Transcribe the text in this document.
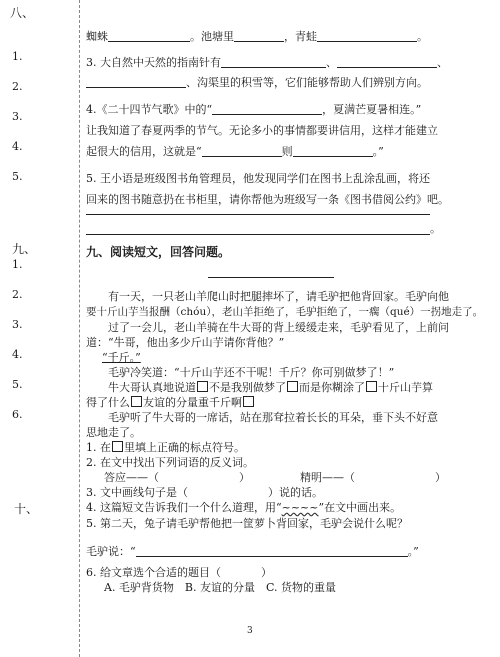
八、
1.
2.
3.
4.
5.
九、
1.
2.
3.
4.
5.
6.
十、
蜘蛛	。池塘里	，青蛙	。
3. 大自然中天然的指南针有	、	、
、沟渠里的积雪等，它们能够帮助人们辨别方向。
4.《二十四节气歌》中的“	，夏满芒夏暑相连。”
让我知道了春夏两季的节气。无论多小的事情都要讲信用，这样才能建立
起很大的信用，这就是“	则	。”
5. 王小语是班级图书角管理员，他发现同学们在图书上乱涂乱画，将还
回来的图书随意扔在书柜里，请你帮他为班级写一条《图书借阅公约》吧。
。
九、阅读短文，回答问题。
有一天，一只老山羊爬山时把腿摔坏了，请毛驴把他背回家。毛驴向他
要十斤山芋当报酬（chóu），老山羊拒绝了，毛驴拒绝了，一瘸（qué）一拐地走了。
过了一会儿，老山羊骑在牛大哥的背上缓缓走来，毛驴看见了，上前问
道：“牛哥，他出多少斤山芋请你背他？”
“千斤。”
毛驴冷笑道：“十斤山芋还不干呢！千斤？你可别做梦了！”
牛大哥认真地说道 不是我别做梦了 而是你糊涂了 十斤山芋算
得了什么 友谊的分量重千斤啊
毛驴听了牛大哥的一席话，站在那耷拉着长长的耳朵，垂下头不好意
思地走了。
1. 在 里填上正确的标点符号。
2. 在文中找出下列词语的反义词。
答应——（	）	精明——（	）
3. 文中画线句子是（	）说的话。
4. 这篇短文告诉我们一个什么道理，用“~~~~”在文中画出来。
5. 第二天，兔子请毛驴帮他把一筐萝卜背回家，毛驴会说什么呢？
毛驴说：“	。”
6. 给文章选个合适的题目（	）
A. 毛驴背货物　B. 友谊的分量　C. 货物的重量
3
